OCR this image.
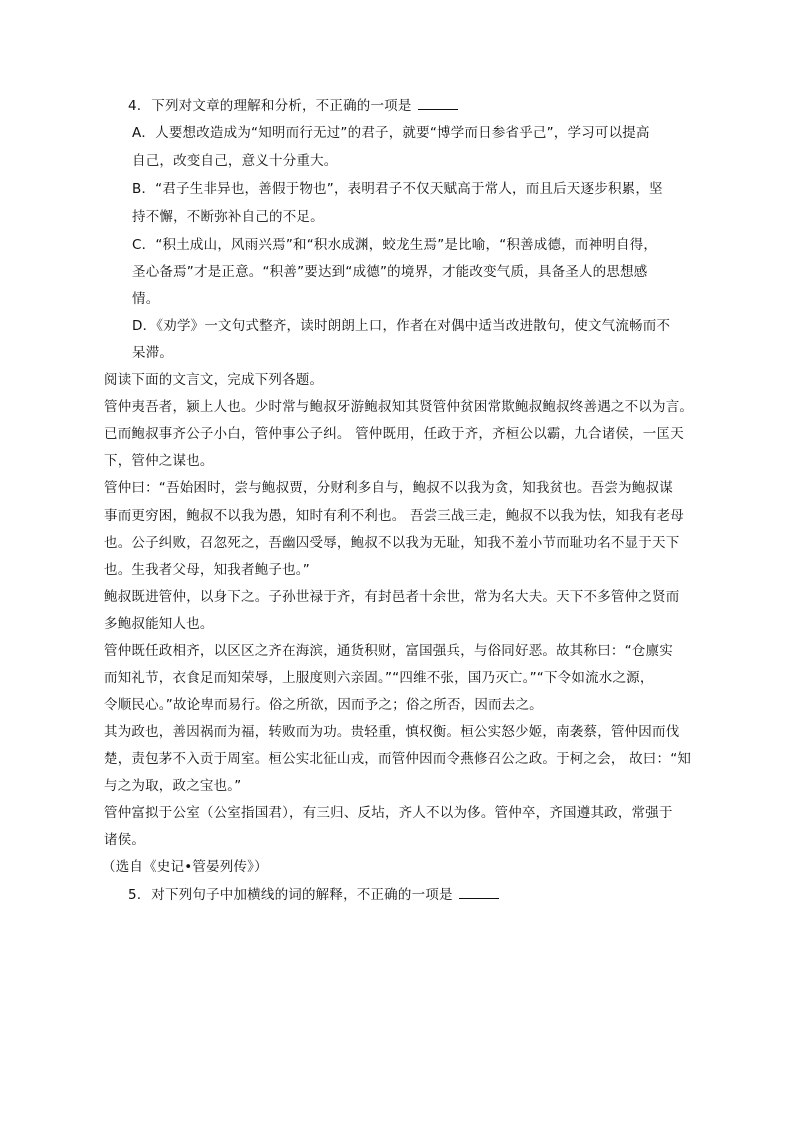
4. 下列对文章的理解和分析，不正确的一项是
A．人要想改造成为“知明而行无过”的君子，就要“博学而日参省乎己”，学习可以提高
自己，改变自己，意义十分重大。
B．“君子生非异也，善假于物也”，表明君子不仅天赋高于常人，而且后天逐步积累，坚
持不懈，不断弥补自己的不足。
C．“积土成山，风雨兴焉”和“积水成渊，蛟龙生焉”是比喻，“积善成德，而神明自得，
圣心备焉”才是正意。“积善”要达到“成德”的境界，才能改变气质，具备圣人的思想感
情。
D．《劝学》一文句式整齐，读时朗朗上口，作者在对偶中适当改进散句，使文气流畅而不
呆滞。
阅读下面的文言文，完成下列各题。
管仲夷吾者，颍上人也。少时常与鲍叔牙游鲍叔知其贤管仲贫困常欺鲍叔鲍叔终善遇之不以为言。
已而鲍叔事齐公子小白，管仲事公子纠。 管仲既用，任政于齐，齐桓公以霸，九合诸侯，一匡天
下，管仲之谋也。
管仲曰：“吾始困时，尝与鲍叔贾，分财利多自与，鲍叔不以我为贪，知我贫也。吾尝为鲍叔谋
事而更穷困，鲍叔不以我为愚，知时有利不利也。 吾尝三战三走，鲍叔不以我为怯，知我有老母
也。公子纠败，召忽死之，吾幽囚受辱，鲍叔不以我为无耻，知我不羞小节而耻功名不显于天下
也。生我者父母，知我者鲍子也。”
鲍叔既进管仲，以身下之。子孙世禄于齐，有封邑者十余世，常为名大夫。天下不多管仲之贤而
多鲍叔能知人也。
管仲既任政相齐，以区区之齐在海滨，通货积财，富国强兵，与俗同好恶。故其称曰：“仓廪实
而知礼节，衣食足而知荣辱，上服度则六亲固。”“四维不张，国乃灭亡。”“下令如流水之源，
令顺民心。”故论卑而易行。俗之所欲，因而予之；俗之所否，因而去之。
其为政也，善因祸而为福，转败而为功。贵轻重，慎权衡。桓公实怒少姬，南袭蔡，管仲因而伐
楚，责包茅不入贡于周室。桓公实北征山戎，而管仲因而令燕修召公之政。于柯之会， 故曰：“知
与之为取，政之宝也。”
管仲富拟于公室（公室指国君），有三归、反坫，齐人不以为侈。管仲卒，齐国遵其政，常强于
诸侯。
（选自《史记•管晏列传》）
5. 对下列句子中加横线的词的解释，不正确的一项是
